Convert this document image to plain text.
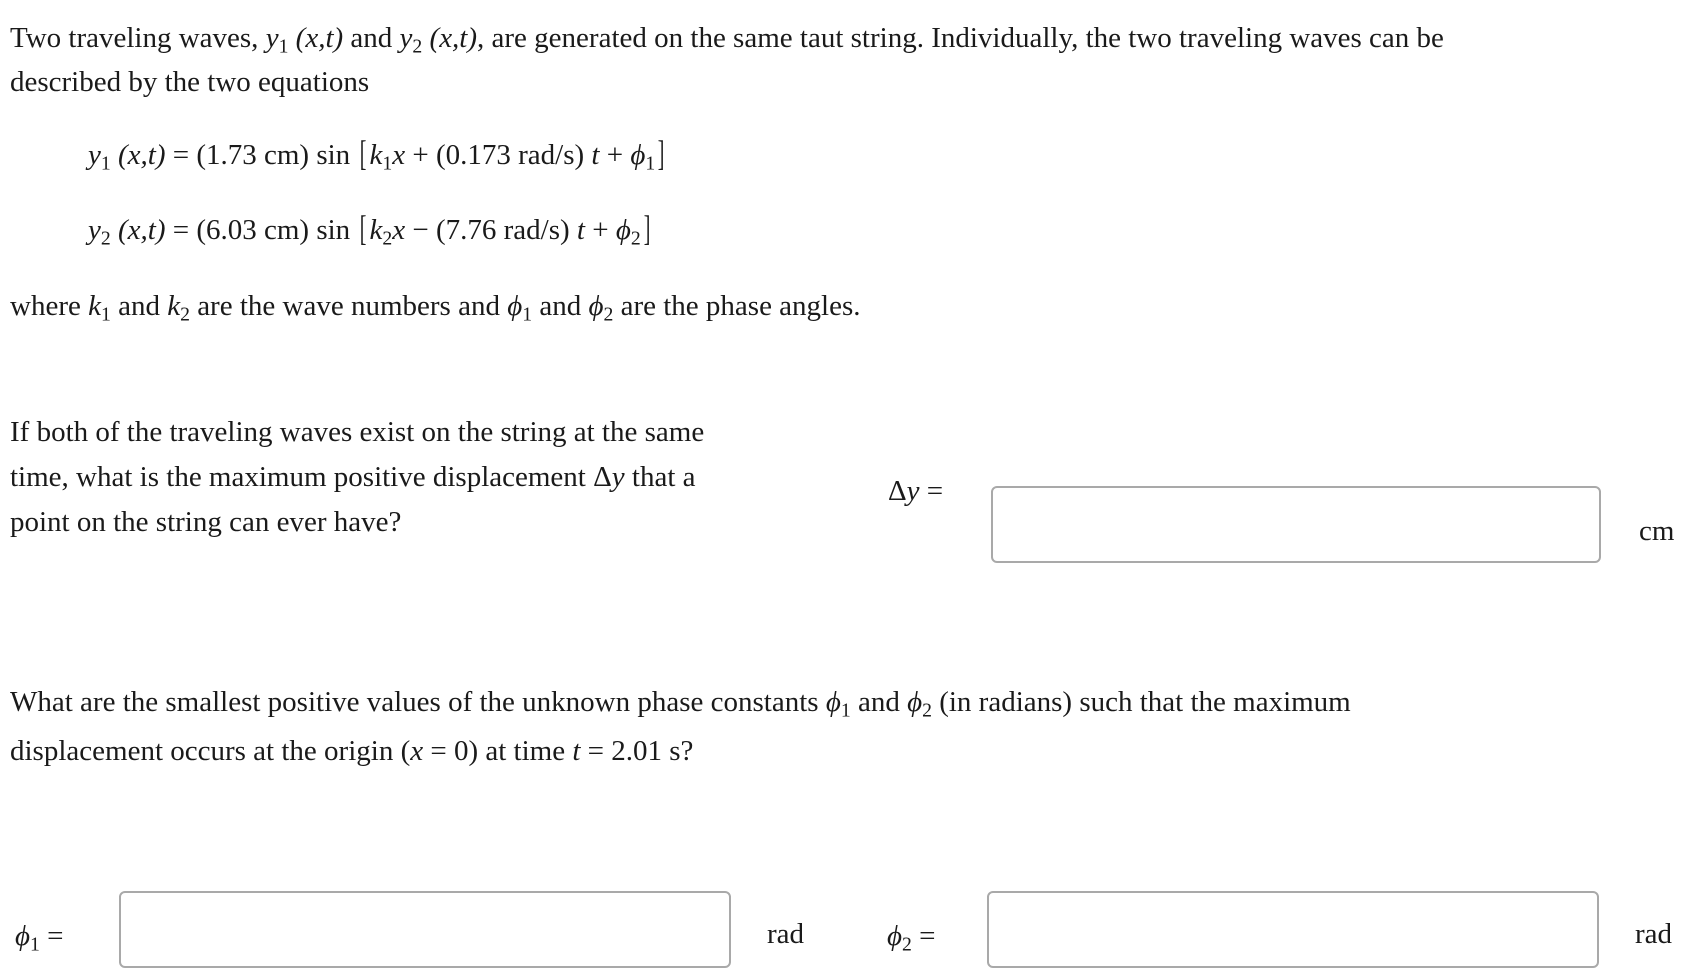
Two traveling waves, $y_1$ (x,t) and $y_2$ (x,t), are generated on the same taut string. Individually, the two traveling waves can be
described by the two equations
$y_1$ (x,t) = (1.73 cm) $\sin [k_1x + (0.173$ rad/s) $t + \phi_1$]
$y_2$ (x,t) = (6.03 cm) $\sin [k_2x - (7.76$ rad/s) $t + \phi_2$]
where $k_1$ and $k_2$ are the wave numbers and $\phi_1$ and $\phi_2$ are the phase angles.
If both of the traveling waves exist on the string at the same
time, what is the maximum positive displacement Δy that a
point on the string can ever have?
Δy =
cm
What are the smallest positive values of the unknown phase constants $\phi_1$ and $\phi_2$ (in radians) such that the maximum
displacement occurs at the origin (x = 0) at time t = 2.01 s?
$\phi_1$ =	rad	$\phi_2$ =	rad
